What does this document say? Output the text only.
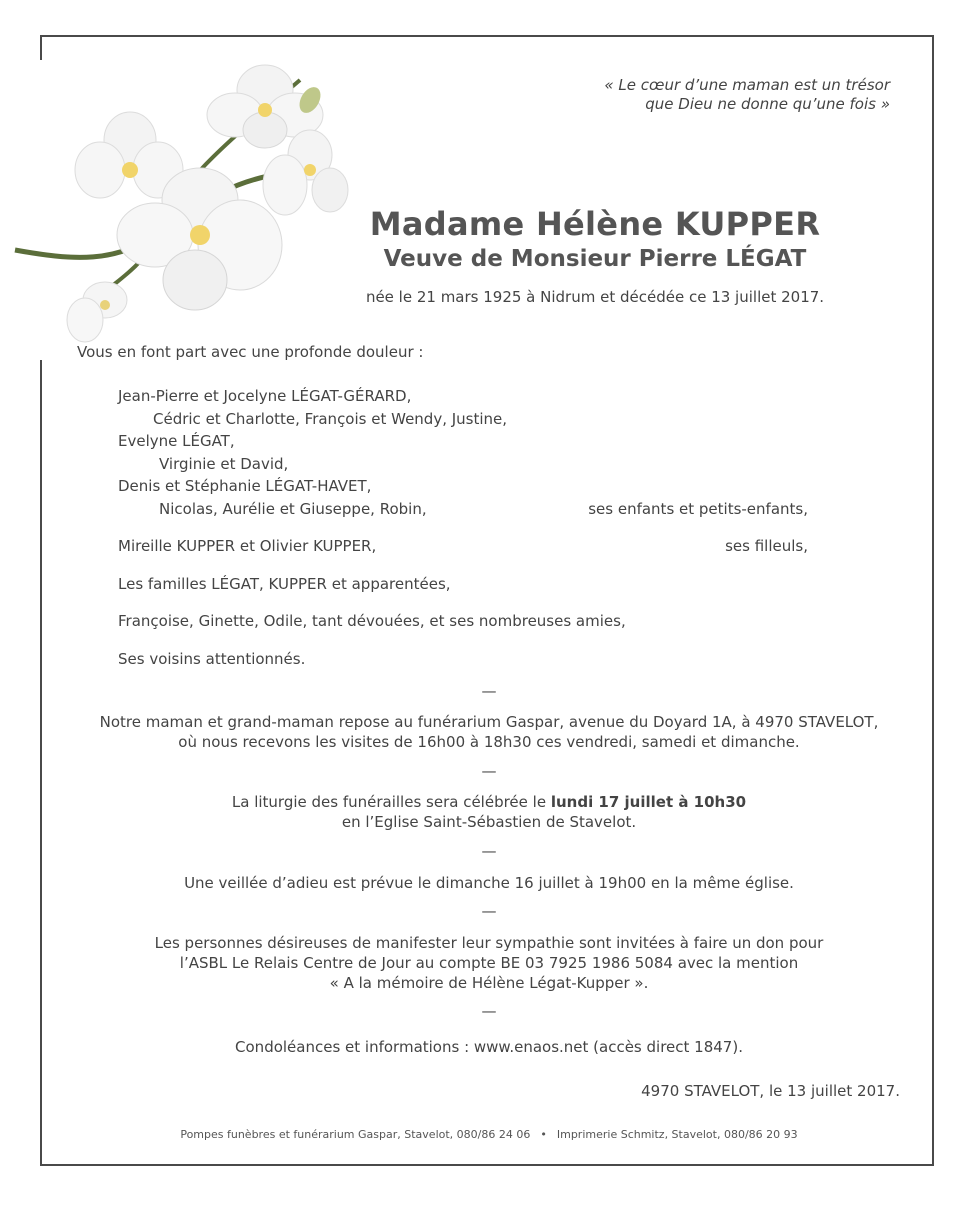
« Le cœur d’une maman est un trésor
que Dieu ne donne qu’une fois »
Madame Hélène KUPPER
Veuve de Monsieur Pierre LÉGAT
née le 21 mars 1925 à Nidrum et décédée ce 13 juillet 2017.
Vous en font part avec une profonde douleur :
Jean-Pierre et Jocelyne LÉGAT-GÉRARD,
Cédric et Charlotte, François et Wendy, Justine,
Evelyne LÉGAT,
Virginie et David,
Denis et Stéphanie LÉGAT-HAVET,
Nicolas, Aurélie et Giuseppe, Robin,	ses enfants et petits-enfants,
Mireille KUPPER et Olivier KUPPER,	ses filleuls,
Les familles LÉGAT, KUPPER et apparentées,
Françoise, Ginette, Odile, tant dévouées, et ses nombreuses amies,
Ses voisins attentionnés.
—
Notre maman et grand-maman repose au funérarium Gaspar, avenue du Doyard 1A, à 4970 STAVELOT,
où nous recevons les visites de 16h00 à 18h30 ces vendredi, samedi et dimanche.
—
La liturgie des funérailles sera célébrée le lundi 17 juillet à 10h30
en l’Eglise Saint-Sébastien de Stavelot.
—
Une veillée d’adieu est prévue le dimanche 16 juillet à 19h00 en la même église.
—
Les personnes désireuses de manifester leur sympathie sont invitées à faire un don pour
l’ASBL Le Relais Centre de Jour au compte BE 03 7925 1986 5084 avec la mention
« A la mémoire de Hélène Légat-Kupper ».
—
Condoléances et informations : www.enaos.net (accès direct 1847).
4970 STAVELOT, le 13 juillet 2017.
Pompes funèbres et funérarium Gaspar, Stavelot, 080/86 24 06 • Imprimerie Schmitz, Stavelot, 080/86 20 93
